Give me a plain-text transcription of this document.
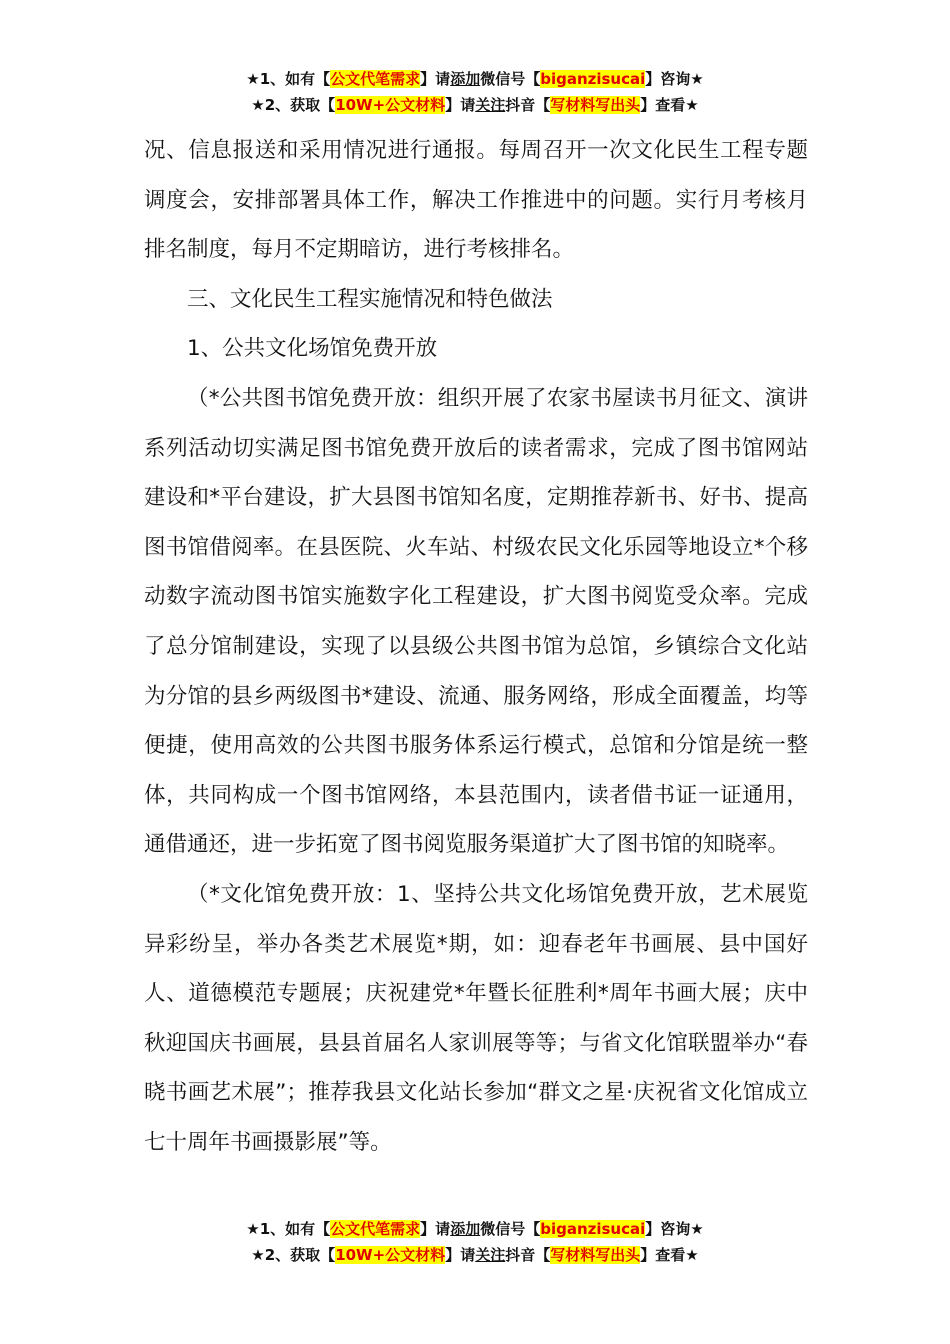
★1、如有【公文代笔需求】请添加微信号【biganzisucai】咨询★
★2、获取【10W+公文材料】请关注抖音【写材料写出头】查看★

况、信息报送和采用情况进行通报。每周召开一次文化民生工程专题调度会，安排部署具体工作，解决工作推进中的问题。实行月考核月排名制度，每月不定期暗访，进行考核排名。

三、文化民生工程实施情况和特色做法

1、公共文化场馆免费开放

（*公共图书馆免费开放：组织开展了农家书屋读书月征文、演讲系列活动切实满足图书馆免费开放后的读者需求，完成了图书馆网站建设和*平台建设，扩大县图书馆知名度，定期推荐新书、好书、提高图书馆借阅率。在县医院、火车站、村级农民文化乐园等地设立*个移动数字流动图书馆实施数字化工程建设，扩大图书阅览受众率。完成了总分馆制建设，实现了以县级公共图书馆为总馆，乡镇综合文化站为分馆的县乡两级图书*建设、流通、服务网络，形成全面覆盖，均等便捷，使用高效的公共图书服务体系运行模式，总馆和分馆是统一整体，共同构成一个图书馆网络，本县范围内，读者借书证一证通用，通借通还，进一步拓宽了图书阅览服务渠道扩大了图书馆的知晓率。

（*文化馆免费开放：1、坚持公共文化场馆免费开放，艺术展览异彩纷呈，举办各类艺术展览*期，如：迎春老年书画展、县中国好人、道德模范专题展；庆祝建党*年暨长征胜利*周年书画大展；庆中秋迎国庆书画展，县县首届名人家训展等等；与省文化馆联盟举办“春晓书画艺术展”；推荐我县文化站长参加“群文之星·庆祝省文化馆成立七十周年书画摄影展”等。

★1、如有【公文代笔需求】请添加微信号【biganzisucai】咨询★
★2、获取【10W+公文材料】请关注抖音【写材料写出头】查看★
